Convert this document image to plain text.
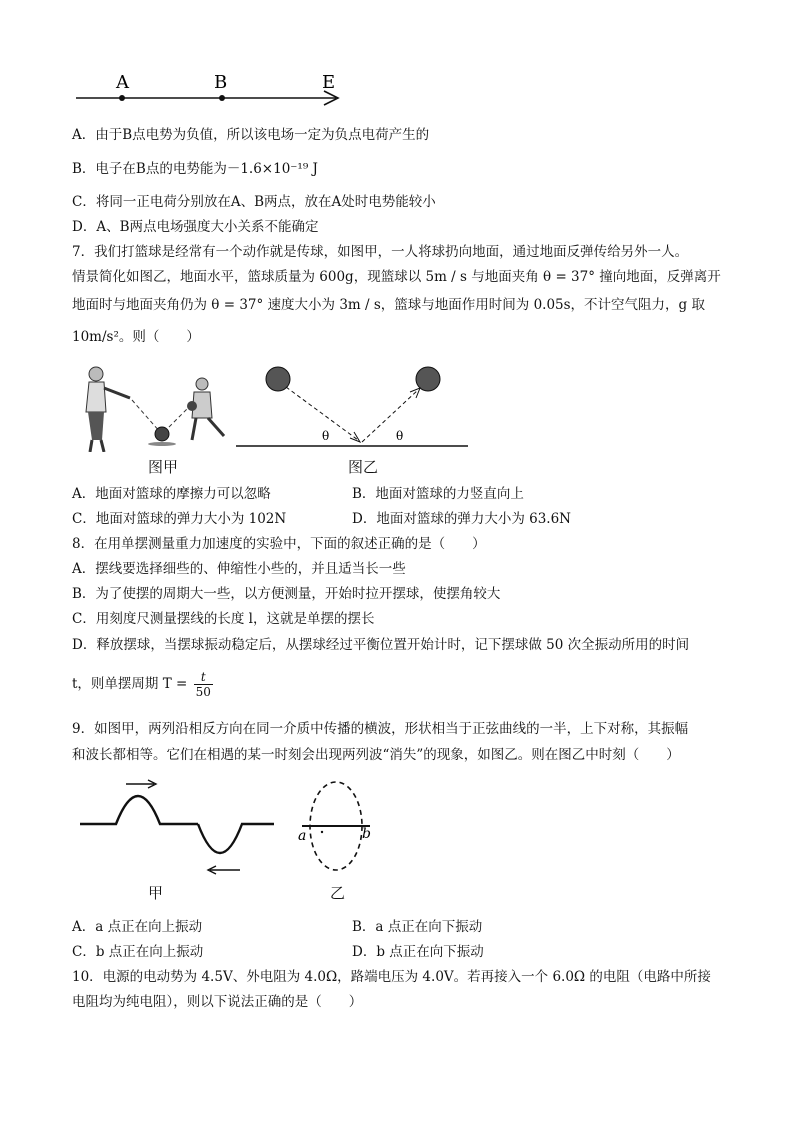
A	B	E
A．由于B点电势为负值，所以该电场一定为负点电荷产生的
B．电子在B点的电势能为－1.6×10⁻¹⁹ J
C．将同一正电荷分别放在A、B两点，放在A处时电势能较小
D．A、B两点电场强度大小关系不能确定
7．我们打篮球是经常有一个动作就是传球，如图甲，一人将球扔向地面，通过地面反弹传给另外一人。
情景简化如图乙，地面水平，篮球质量为 600g，现篮球以 5m / s 与地面夹角 θ = 37° 撞向地面，反弹离开
地面时与地面夹角仍为 θ = 37° 速度大小为 3m / s，篮球与地面作用时间为 0.05s，不计空气阻力，g 取
10m/s²。则（　　）
图甲
θ	θ
图乙
A．地面对篮球的摩擦力可以忽略	B．地面对篮球的力竖直向上
C．地面对篮球的弹力大小为 102N	D．地面对篮球的弹力大小为 63.6N
8．在用单摆测量重力加速度的实验中，下面的叙述正确的是（　　）
A．摆线要选择细些的、伸缩性小些的，并且适当长一些
B．为了使摆的周期大一些，以方便测量，开始时拉开摆球，使摆角较大
C．用刻度尺测量摆线的长度 l，这就是单摆的摆长
D．释放摆球，当摆球振动稳定后，从摆球经过平衡位置开始计时，记下摆球做 50 次全振动所用的时间
t，则单摆周期 $T = \frac{t}{50}$
9．如图甲，两列沿相反方向在同一介质中传播的横波，形状相当于正弦曲线的一半，上下对称，其振幅
和波长都相等。它们在相遇的某一时刻会出现两列波“消失”的现象，如图乙。则在图乙中时刻（　　）
甲
a	b
乙
A．a 点正在向上振动	B．a 点正在向下振动
C．b 点正在向上振动	D．b 点正在向下振动
10．电源的电动势为 4.5V、外电阻为 4.0Ω，路端电压为 4.0V。若再接入一个 6.0Ω 的电阻（电路中所接
电阻均为纯电阻），则以下说法正确的是（　　）
